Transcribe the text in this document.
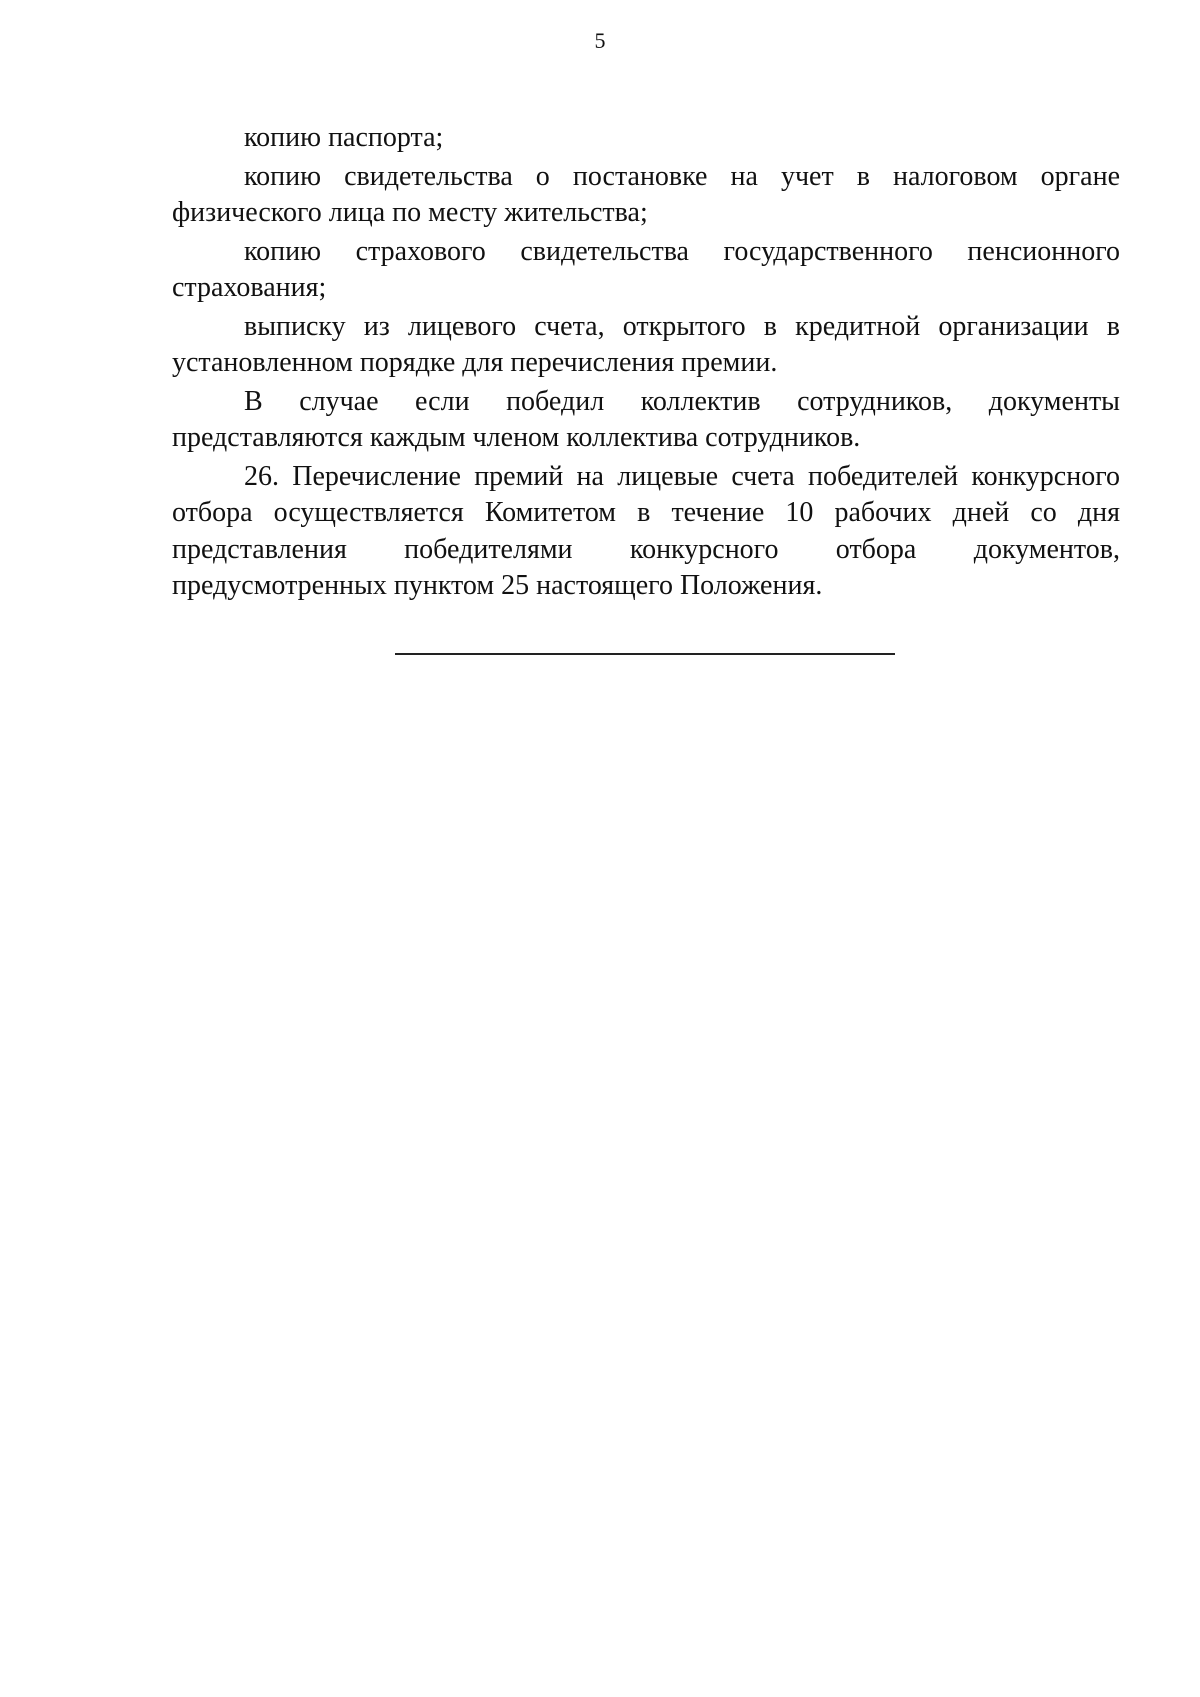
5

копию паспорта;

копию свидетельства о постановке на учет в налоговом органе физического лица по месту жительства;

копию страхового свидетельства государственного пенсионного страхования;

выписку из лицевого счета, открытого в кредитной организации в установленном порядке для перечисления премии.

В случае если победил коллектив сотрудников, документы представляются каждым членом коллектива сотрудников.

26. Перечисление премий на лицевые счета победителей конкурсного отбора осуществляется Комитетом в течение 10 рабочих дней со дня представления победителями конкурсного отбора документов, предусмотренных пунктом 25 настоящего Положения.
